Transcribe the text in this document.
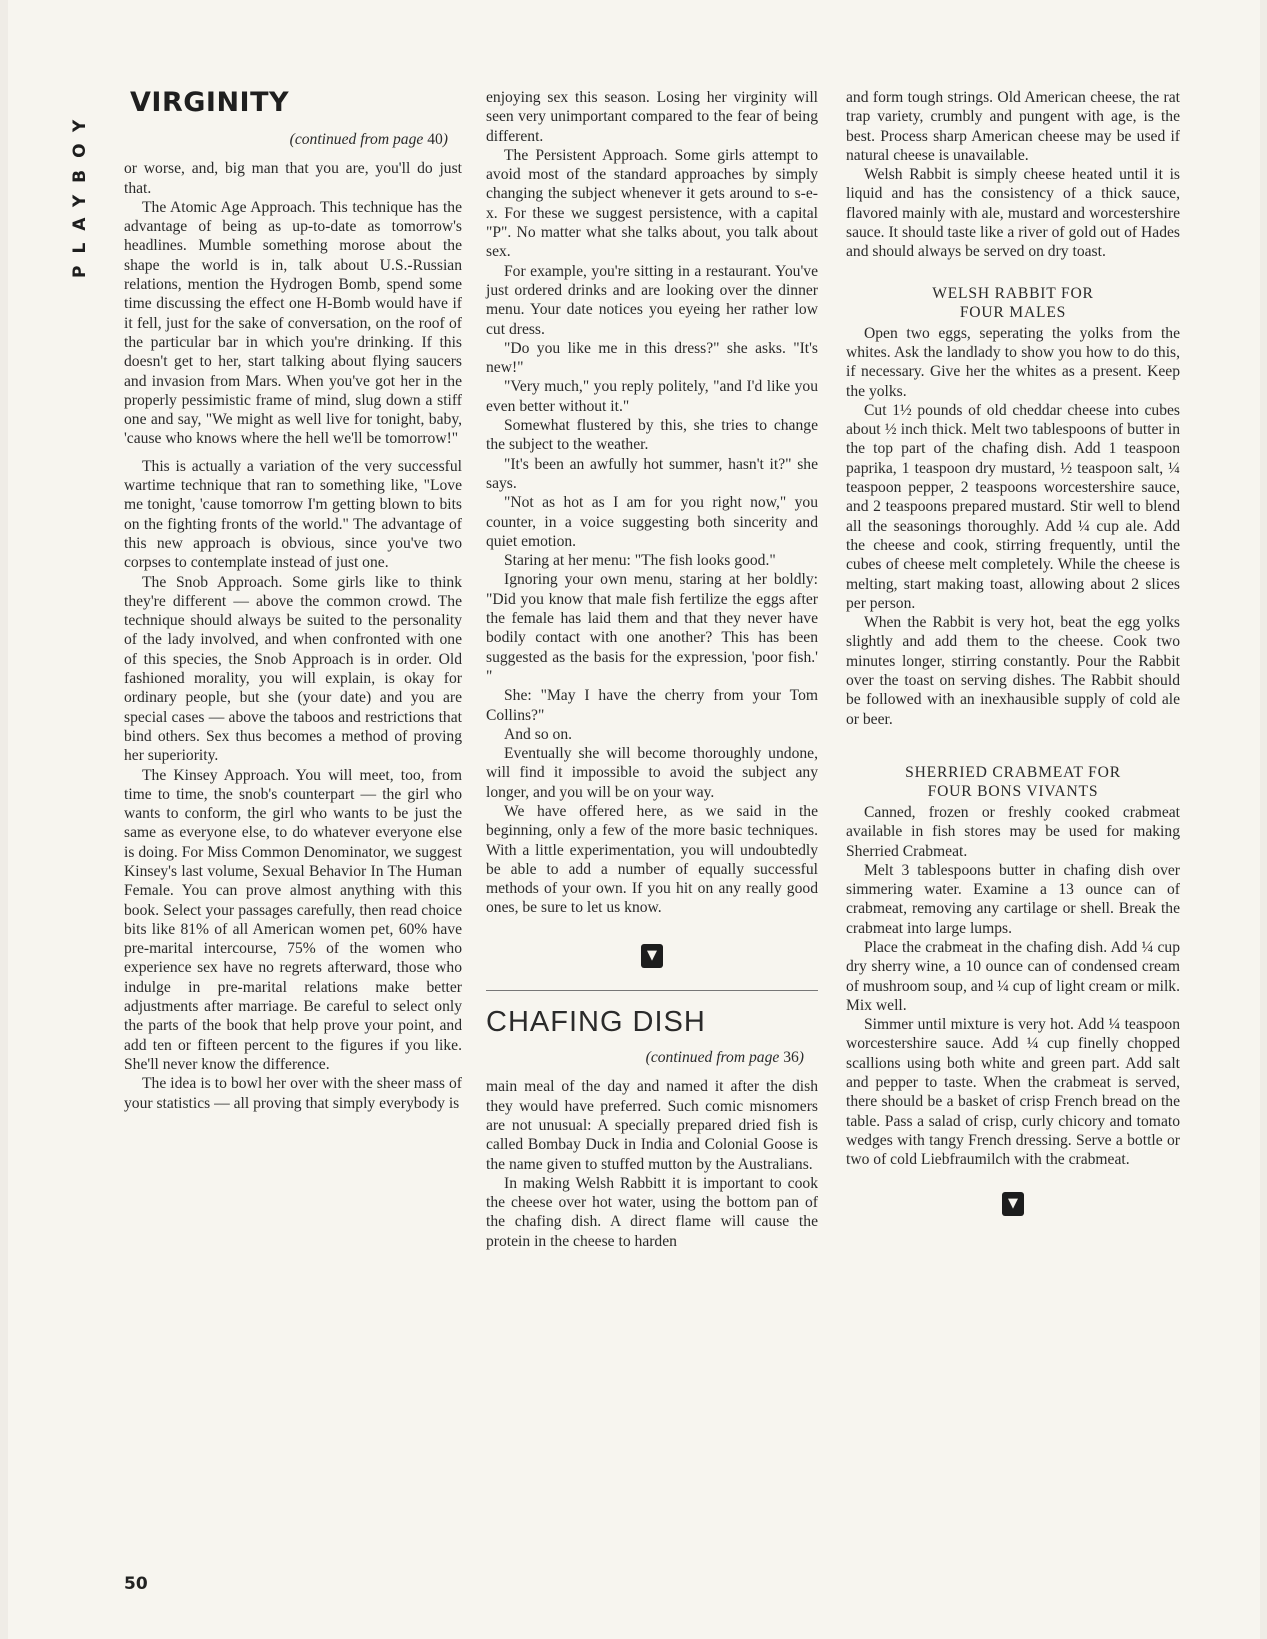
PLAYBOY
VIRGINITY
(continued from page 40)

or worse, and, big man that you are, you'll do just that.

The Atomic Age Approach. This technique has the advantage of being as up-to-date as tomorrow's headlines. Mumble something morose about the shape the world is in, talk about U.S.-Russian relations, mention the Hydrogen Bomb, spend some time discussing the effect one H-Bomb would have if it fell, just for the sake of conversation, on the roof of the particular bar in which you're drinking. If this doesn't get to her, start talking about flying saucers and invasion from Mars. When you've got her in the properly pessimistic frame of mind, slug down a stiff one and say, "We might as well live for tonight, baby, 'cause who knows where the hell we'll be tomorrow!"

This is actually a variation of the very successful wartime technique that ran to something like, "Love me tonight, 'cause tomorrow I'm getting blown to bits on the fighting fronts of the world." The advantage of this new approach is obvious, since you've two corpses to contemplate instead of just one.

The Snob Approach. Some girls like to think they're different — above the common crowd. The technique should always be suited to the personality of the lady involved, and when confronted with one of this species, the Snob Approach is in order. Old fashioned morality, you will explain, is okay for ordinary people, but she (your date) and you are special cases — above the taboos and restrictions that bind others. Sex thus becomes a method of proving her superiority.

The Kinsey Approach. You will meet, too, from time to time, the snob's counterpart — the girl who wants to conform, the girl who wants to be just the same as everyone else, to do whatever everyone else is doing. For Miss Common Denominator, we suggest Kinsey's last volume, Sexual Behavior In The Human Female. You can prove almost anything with this book. Select your passages carefully, then read choice bits like 81% of all American women pet, 60% have pre-marital intercourse, 75% of the women who experience sex have no regrets afterward, those who indulge in pre-marital relations make better adjustments after marriage. Be careful to select only the parts of the book that help prove your point, and add ten or fifteen percent to the figures if you like. She'll never know the difference.

The idea is to bowl her over with the sheer mass of your statistics — all proving that simply everybody is

enjoying sex this season. Losing her virginity will seen very unimportant compared to the fear of being different.

The Persistent Approach. Some girls attempt to avoid most of the standard approaches by simply changing the subject whenever it gets around to s-e-x. For these we suggest persistence, with a capital "P". No matter what she talks about, you talk about sex.

For example, you're sitting in a restaurant. You've just ordered drinks and are looking over the dinner menu. Your date notices you eyeing her rather low cut dress.

"Do you like me in this dress?" she asks. "It's new!"

"Very much," you reply politely, "and I'd like you even better without it."

Somewhat flustered by this, she tries to change the subject to the weather.

"It's been an awfully hot summer, hasn't it?" she says.

"Not as hot as I am for you right now," you counter, in a voice suggesting both sincerity and quiet emotion.

Staring at her menu: "The fish looks good."

Ignoring your own menu, staring at her boldly: "Did you know that male fish fertilize the eggs after the female has laid them and that they never have bodily contact with one another? This has been suggested as the basis for the expression, 'poor fish.' "

She: "May I have the cherry from your Tom Collins?"

And so on.

Eventually she will become thoroughly undone, will find it impossible to avoid the subject any longer, and you will be on your way.

We have offered here, as we said in the beginning, only a few of the more basic techniques. With a little experimentation, you will undoubtedly be able to add a number of equally successful methods of your own. If you hit on any really good ones, be sure to let us know.

▼
CHAFING DISH
(continued from page 36)

main meal of the day and named it after the dish they would have preferred. Such comic misnomers are not unusual: A specially prepared dried fish is called Bombay Duck in India and Colonial Goose is the name given to stuffed mutton by the Australians.

In making Welsh Rabbitt it is important to cook the cheese over hot water, using the bottom pan of the chafing dish. A direct flame will cause the protein in the cheese to harden

and form tough strings. Old American cheese, the rat trap variety, crumbly and pungent with age, is the best. Process sharp American cheese may be used if natural cheese is unavailable.

Welsh Rabbit is simply cheese heated until it is liquid and has the consistency of a thick sauce, flavored mainly with ale, mustard and worcestershire sauce. It should taste like a river of gold out of Hades and should always be served on dry toast.

WELSH RABBIT FOR
FOUR MALES

Open two eggs, seperating the yolks from the whites. Ask the landlady to show you how to do this, if necessary. Give her the whites as a present. Keep the yolks.

Cut 1½ pounds of old cheddar cheese into cubes about ½ inch thick. Melt two tablespoons of butter in the top part of the chafing dish. Add 1 teaspoon paprika, 1 teaspoon dry mustard, ½ teaspoon salt, ¼ teaspoon pepper, 2 teaspoons worcestershire sauce, and 2 teaspoons prepared mustard. Stir well to blend all the seasonings thoroughly. Add ¼ cup ale. Add the cheese and cook, stirring frequently, until the cubes of cheese melt completely. While the cheese is melting, start making toast, allowing about 2 slices per person.

When the Rabbit is very hot, beat the egg yolks slightly and add them to the cheese. Cook two minutes longer, stirring constantly. Pour the Rabbit over the toast on serving dishes. The Rabbit should be followed with an inexhausible supply of cold ale or beer.

SHERRIED CRABMEAT FOR
FOUR BONS VIVANTS

Canned, frozen or freshly cooked crabmeat available in fish stores may be used for making Sherried Crabmeat.

Melt 3 tablespoons butter in chafing dish over simmering water. Examine a 13 ounce can of crabmeat, removing any cartilage or shell. Break the crabmeat into large lumps.

Place the crabmeat in the chafing dish. Add ¼ cup dry sherry wine, a 10 ounce can of condensed cream of mushroom soup, and ¼ cup of light cream or milk. Mix well.

Simmer until mixture is very hot. Add ¼ teaspoon worcestershire sauce. Add ¼ cup finelly chopped scallions using both white and green part. Add salt and pepper to taste. When the crabmeat is served, there should be a basket of crisp French bread on the table. Pass a salad of crisp, curly chicory and tomato wedges with tangy French dressing. Serve a bottle or two of cold Liebfraumilch with the crabmeat.

▼
50
